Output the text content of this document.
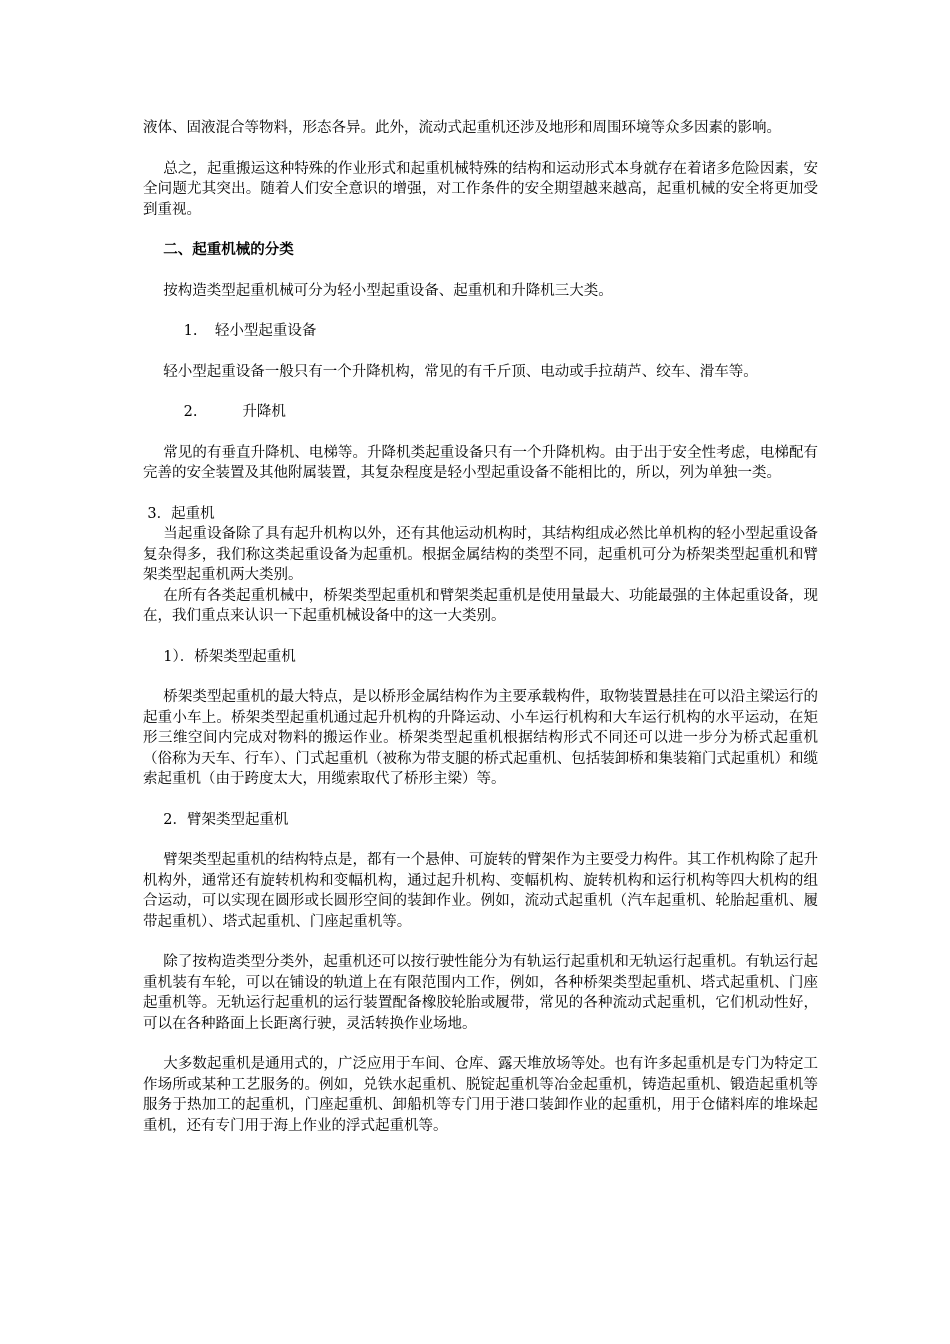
液体、固液混合等物料，形态各异。此外，流动式起重机还涉及地形和周围环境等众多因素的影响。

总之，起重搬运这种特殊的作业形式和起重机械特殊的结构和运动形式本身就存在着诸多危险因素，安全问题尤其突出。随着人们安全意识的增强，对工作条件的安全期望越来越高，起重机械的安全将更加受到重视。

二、起重机械的分类

按构造类型起重机械可分为轻小型起重设备、起重机和升降机三大类。

1. 轻小型起重设备

轻小型起重设备一般只有一个升降机构，常见的有千斤顶、电动或手拉葫芦、绞车、滑车等。

2.	升降机

常见的有垂直升降机、电梯等。升降机类起重设备只有一个升降机构。由于出于安全性考虑，电梯配有完善的安全装置及其他附属装置，其复杂程度是轻小型起重设备不能相比的，所以，列为单独一类。

3．起重机

当起重设备除了具有起升机构以外，还有其他运动机构时，其结构组成必然比单机构的轻小型起重设备复杂得多，我们称这类起重设备为起重机。根据金属结构的类型不同，起重机可分为桥架类型起重机和臂架类型起重机两大类别。

在所有各类起重机械中，桥架类型起重机和臂架类起重机是使用量最大、功能最强的主体起重设备，现在，我们重点来认识一下起重机械设备中的这一大类别。

1）．桥架类型起重机

桥架类型起重机的最大特点，是以桥形金属结构作为主要承载构件，取物装置悬挂在可以沿主梁运行的起重小车上。桥架类型起重机通过起升机构的升降运动、小车运行机构和大车运行机构的水平运动，在矩形三维空间内完成对物料的搬运作业。桥架类型起重机根据结构形式不同还可以进一步分为桥式起重机（俗称为天车、行车）、门式起重机（被称为带支腿的桥式起重机、包括装卸桥和集装箱门式起重机）和缆索起重机（由于跨度太大，用缆索取代了桥形主梁）等。

2．臂架类型起重机

臂架类型起重机的结构特点是，都有一个悬伸、可旋转的臂架作为主要受力构件。其工作机构除了起升机构外，通常还有旋转机构和变幅机构，通过起升机构、变幅机构、旋转机构和运行机构等四大机构的组合运动，可以实现在圆形或长圆形空间的装卸作业。例如，流动式起重机（汽车起重机、轮胎起重机、履带起重机）、塔式起重机、门座起重机等。

除了按构造类型分类外，起重机还可以按行驶性能分为有轨运行起重机和无轨运行起重机。有轨运行起重机装有车轮，可以在铺设的轨道上在有限范围内工作，例如，各种桥架类型起重机、塔式起重机、门座起重机等。无轨运行起重机的运行装置配备橡胶轮胎或履带，常见的各种流动式起重机，它们机动性好，可以在各种路面上长距离行驶，灵活转换作业场地。

大多数起重机是通用式的，广泛应用于车间、仓库、露天堆放场等处。也有许多起重机是专门为特定工作场所或某种工艺服务的。例如，兑铁水起重机、脱锭起重机等冶金起重机，铸造起重机、锻造起重机等服务于热加工的起重机，门座起重机、卸船机等专门用于港口装卸作业的起重机，用于仓储料库的堆垛起重机，还有专门用于海上作业的浮式起重机等。
